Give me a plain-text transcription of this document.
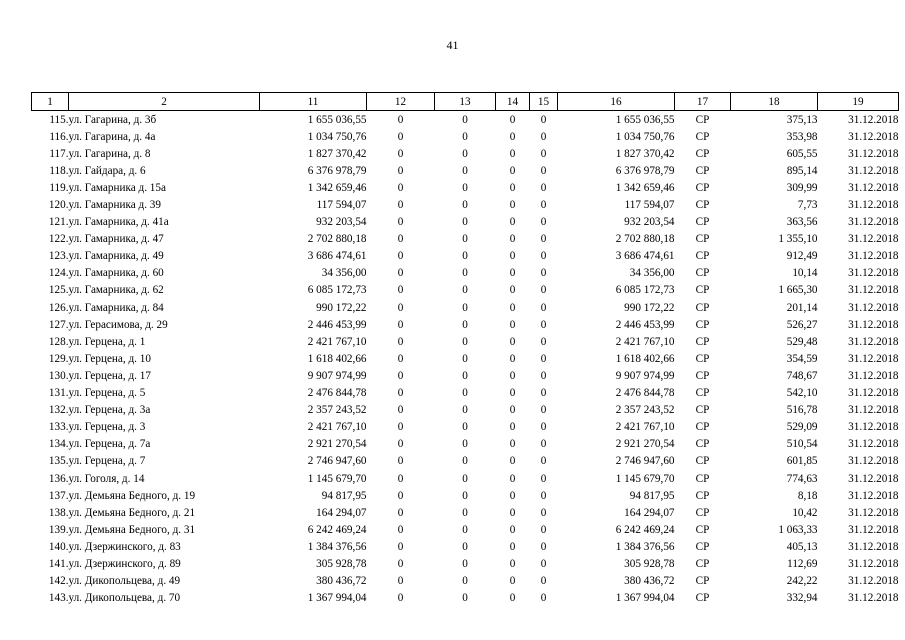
41
1	2	11	12	13	14	15	16	17	18	19
115.	ул. Гагарина, д. 3б	1 655 036,55	0	0	0	0	1 655 036,55	СР	375,13	31.12.2018
116.	ул. Гагарина, д. 4а	1 034 750,76	0	0	0	0	1 034 750,76	СР	353,98	31.12.2018
117.	ул. Гагарина, д. 8	1 827 370,42	0	0	0	0	1 827 370,42	СР	605,55	31.12.2018
118.	ул. Гайдара, д. 6	6 376 978,79	0	0	0	0	6 376 978,79	СР	895,14	31.12.2018
119.	ул. Гамарника д. 15а	1 342 659,46	0	0	0	0	1 342 659,46	СР	309,99	31.12.2018
120.	ул. Гамарника д. 39	117 594,07	0	0	0	0	117 594,07	СР	7,73	31.12.2018
121.	ул. Гамарника, д. 41а	932 203,54	0	0	0	0	932 203,54	СР	363,56	31.12.2018
122.	ул. Гамарника, д. 47	2 702 880,18	0	0	0	0	2 702 880,18	СР	1 355,10	31.12.2018
123.	ул. Гамарника, д. 49	3 686 474,61	0	0	0	0	3 686 474,61	СР	912,49	31.12.2018
124.	ул. Гамарника, д. 60	34 356,00	0	0	0	0	34 356,00	СР	10,14	31.12.2018
125.	ул. Гамарника, д. 62	6 085 172,73	0	0	0	0	6 085 172,73	СР	1 665,30	31.12.2018
126.	ул. Гамарника, д. 84	990 172,22	0	0	0	0	990 172,22	СР	201,14	31.12.2018
127.	ул. Герасимова, д. 29	2 446 453,99	0	0	0	0	2 446 453,99	СР	526,27	31.12.2018
128.	ул. Герцена, д. 1	2 421 767,10	0	0	0	0	2 421 767,10	СР	529,48	31.12.2018
129.	ул. Герцена, д. 10	1 618 402,66	0	0	0	0	1 618 402,66	СР	354,59	31.12.2018
130.	ул. Герцена, д. 17	9 907 974,99	0	0	0	0	9 907 974,99	СР	748,67	31.12.2018
131.	ул. Герцена, д. 5	2 476 844,78	0	0	0	0	2 476 844,78	СР	542,10	31.12.2018
132.	ул. Герцена, д. 3а	2 357 243,52	0	0	0	0	2 357 243,52	СР	516,78	31.12.2018
133.	ул. Герцена, д. 3	2 421 767,10	0	0	0	0	2 421 767,10	СР	529,09	31.12.2018
134.	ул. Герцена, д. 7а	2 921 270,54	0	0	0	0	2 921 270,54	СР	510,54	31.12.2018
135.	ул. Герцена, д. 7	2 746 947,60	0	0	0	0	2 746 947,60	СР	601,85	31.12.2018
136.	ул. Гоголя, д. 14	1 145 679,70	0	0	0	0	1 145 679,70	СР	774,63	31.12.2018
137.	ул. Демьяна Бедного, д. 19	94 817,95	0	0	0	0	94 817,95	СР	8,18	31.12.2018
138.	ул. Демьяна Бедного, д. 21	164 294,07	0	0	0	0	164 294,07	СР	10,42	31.12.2018
139.	ул. Демьяна Бедного, д. 31	6 242 469,24	0	0	0	0	6 242 469,24	СР	1 063,33	31.12.2018
140.	ул. Дзержинского, д. 83	1 384 376,56	0	0	0	0	1 384 376,56	СР	405,13	31.12.2018
141.	ул. Дзержинского, д. 89	305 928,78	0	0	0	0	305 928,78	СР	112,69	31.12.2018
142.	ул. Дикопольцева, д. 49	380 436,72	0	0	0	0	380 436,72	СР	242,22	31.12.2018
143.	ул. Дикопольцева, д. 70	1 367 994,04	0	0	0	0	1 367 994,04	СР	332,94	31.12.2018
